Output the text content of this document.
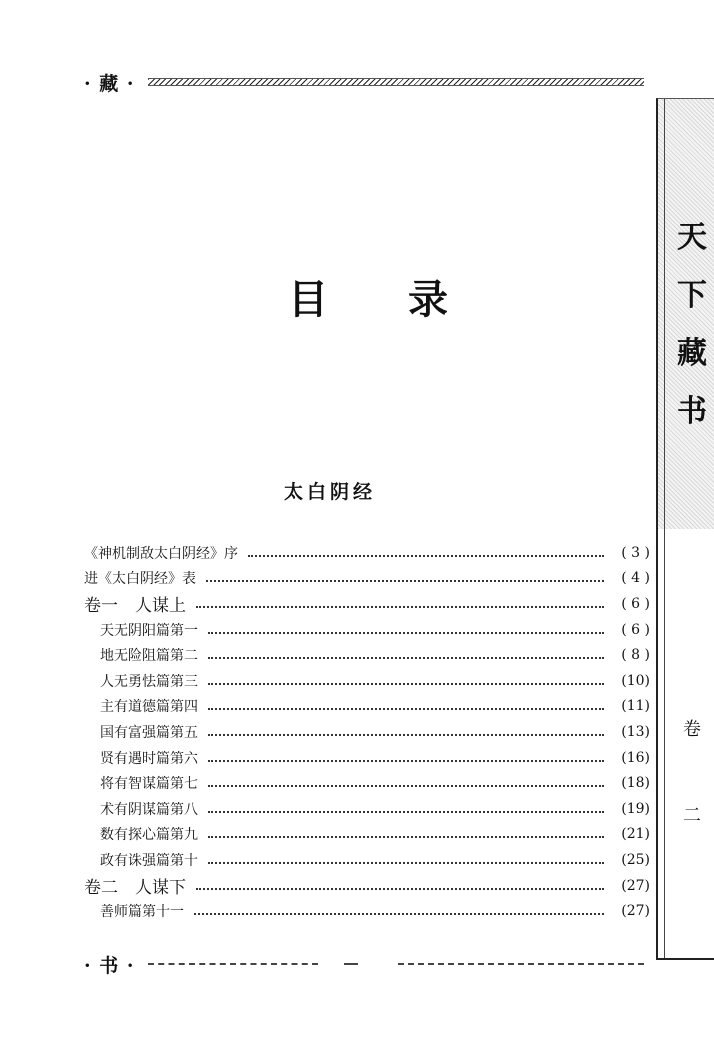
· 藏 ·
目录
太白阴经
《神机制敌太白阴经》序	( 3 )
进《太白阴经》表	( 4 )
卷一　人谋上	( 6 )
天无阴阳篇第一	( 6 )
地无险阻篇第二	( 8 )
人无勇怯篇第三	(10)
主有道德篇第四	(11)
国有富强篇第五	(13)
贤有遇时篇第六	(16)
将有智谋篇第七	(18)
术有阴谋篇第八	(19)
数有探心篇第九	(21)
政有诛强篇第十	(25)
卷二　人谋下	(27)
善师篇第十一	(27)
· 书 ·
天
下
藏
书
卷
二
